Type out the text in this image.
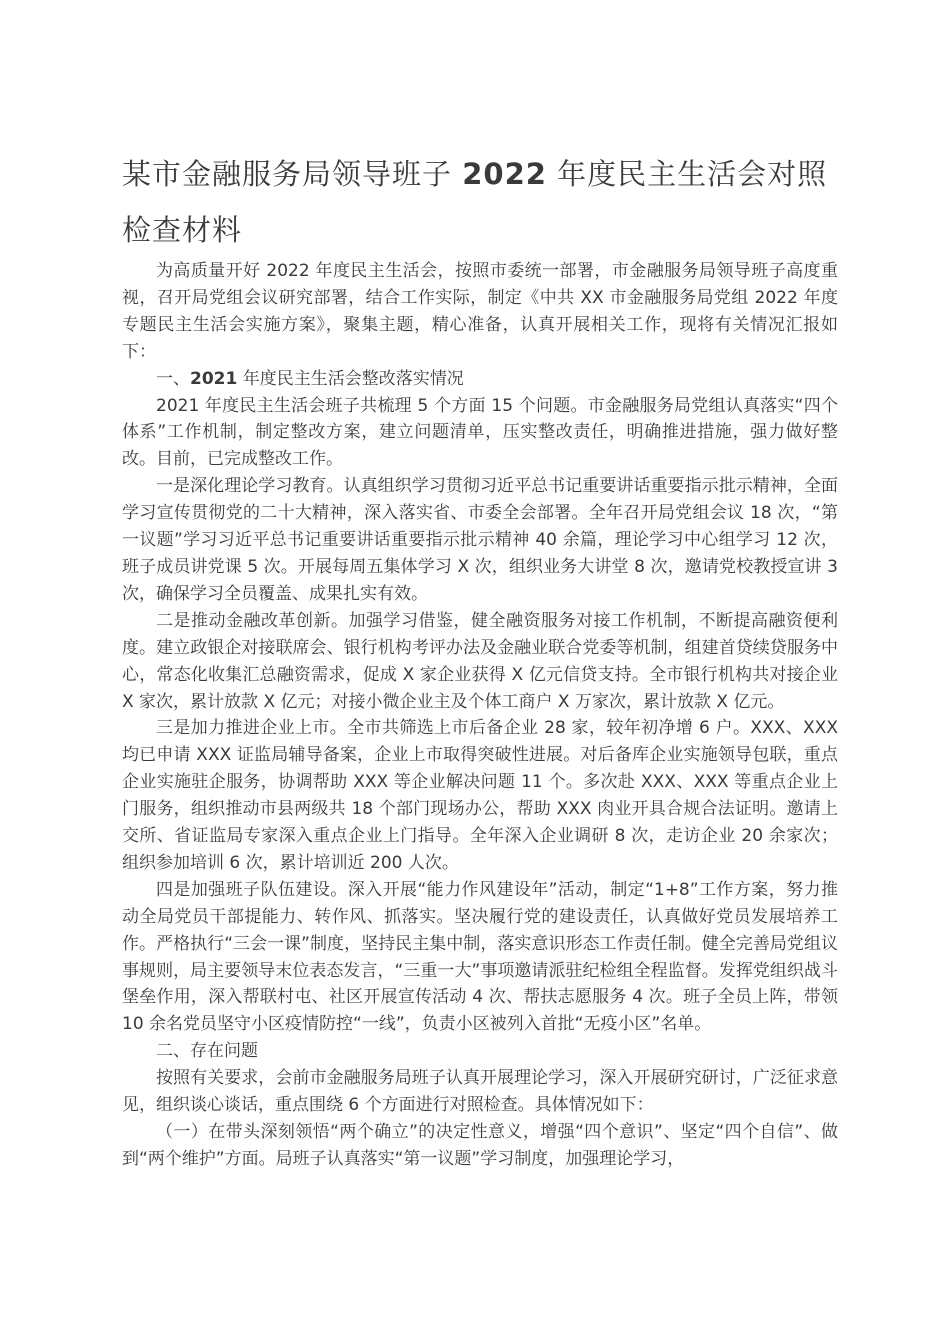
某市金融服务局领导班子 2022 年度民主生活会对照检查材料

为高质量开好 2022 年度民主生活会，按照市委统一部署，市金融服务局领导班子高度重视，召开局党组会议研究部署，结合工作实际，制定《中共 XX 市金融服务局党组 2022 年度专题民主生活会实施方案》，聚集主题，精心准备，认真开展相关工作，现将有关情况汇报如下：

一、2021 年度民主生活会整改落实情况

2021 年度民主生活会班子共梳理 5 个方面 15 个问题。市金融服务局党组认真落实“四个体系”工作机制，制定整改方案，建立问题清单，压实整改责任，明确推进措施，强力做好整改。目前，已完成整改工作。

一是深化理论学习教育。认真组织学习贯彻习近平总书记重要讲话重要指示批示精神，全面学习宣传贯彻党的二十大精神，深入落实省、市委全会部署。全年召开局党组会议 18 次，“第一议题”学习习近平总书记重要讲话重要指示批示精神 40 余篇，理论学习中心组学习 12 次，班子成员讲党课 5 次。开展每周五集体学习 X 次，组织业务大讲堂 8 次，邀请党校教授宣讲 3 次，确保学习全员覆盖、成果扎实有效。

二是推动金融改革创新。加强学习借鉴，健全融资服务对接工作机制，不断提高融资便利度。建立政银企对接联席会、银行机构考评办法及金融业联合党委等机制，组建首贷续贷服务中心，常态化收集汇总融资需求，促成 X 家企业获得 X 亿元信贷支持。全市银行机构共对接企业 X 家次，累计放款 X 亿元；对接小微企业主及个体工商户 X 万家次，累计放款 X 亿元。

三是加力推进企业上市。全市共筛选上市后备企业 28 家，较年初净增 6 户。XXX、XXX 均已申请 XXX 证监局辅导备案，企业上市取得突破性进展。对后备库企业实施领导包联，重点企业实施驻企服务，协调帮助 XXX 等企业解决问题 11 个。多次赴 XXX、XXX 等重点企业上门服务，组织推动市县两级共 18 个部门现场办公，帮助 XXX 肉业开具合规合法证明。邀请上交所、省证监局专家深入重点企业上门指导。全年深入企业调研 8 次，走访企业 20 余家次；组织参加培训 6 次，累计培训近 200 人次。

四是加强班子队伍建设。深入开展“能力作风建设年”活动，制定“1+8”工作方案，努力推动全局党员干部提能力、转作风、抓落实。坚决履行党的建设责任，认真做好党员发展培养工作。严格执行“三会一课”制度，坚持民主集中制，落实意识形态工作责任制。健全完善局党组议事规则，局主要领导末位表态发言，“三重一大”事项邀请派驻纪检组全程监督。发挥党组织战斗堡垒作用，深入帮联村屯、社区开展宣传活动 4 次、帮扶志愿服务 4 次。班子全员上阵，带领 10 余名党员坚守小区疫情防控“一线”，负责小区被列入首批“无疫小区”名单。

二、存在问题

按照有关要求，会前市金融服务局班子认真开展理论学习，深入开展研究研讨，广泛征求意见，组织谈心谈话，重点围绕 6 个方面进行对照检查。具体情况如下：

（一）在带头深刻领悟“两个确立”的决定性意义，增强“四个意识”、坚定“四个自信”、做到“两个维护”方面。局班子认真落实“第一议题”学习制度，加强理论学习，
